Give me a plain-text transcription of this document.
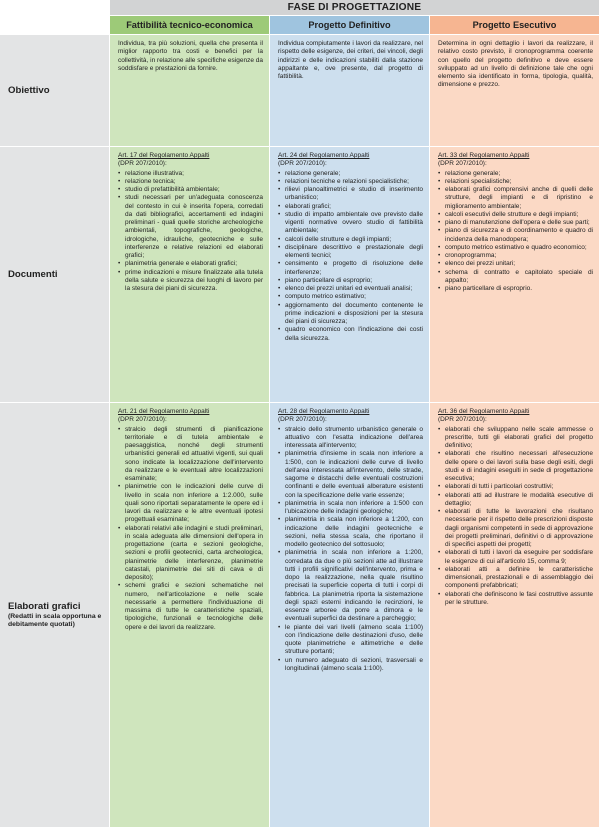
FASE DI PROGETTAZIONE
Fattibilità tecnico-economica	Progetto Definitivo	Progetto Esecutivo
Obiettivo

Individua, tra più soluzioni, quella che presenta il miglior rapporto tra costi e benefici per la collettività, in relazione alle specifiche esigenze da soddisfare e prestazioni da fornire.

Individua compiutamente i lavori da realizzare, nel rispetto delle esigenze, dei criteri, dei vincoli, degli indirizzi e delle indicazioni stabiliti dalla stazione appaltante e, ove presente, dal progetto di fattibilità.

Determina in ogni dettaglio i lavori da realizzare, il relativo costo previsto, il cronoprogramma coerente con quello del progetto definitivo e deve essere sviluppato ad un livello di definizione tale che ogni elemento sia identificato in forma, tipologia, qualità, dimensione e prezzo.

Documenti
Art. 17 del Regolamento Appalti
(DPR 207/2010):
• relazione illustrativa;
• relazione tecnica;
• studio di prefattibilità ambientale;
• studi necessari per un'adeguata conoscenza del contesto in cui è inserita l'opera, corredati da dati bibliografici, accertamenti ed indagini preliminari - quali quelle storiche archeologiche ambientali, topografiche, geologiche, idrologiche, idrauliche, geotecniche e sulle interferenze e relative relazioni ed elaborati grafici;
• planimetria generale e elaborati grafici;
• prime indicazioni e misure finalizzate alla tutela della salute e sicurezza dei luoghi di lavoro per la stesura dei piani di sicurezza.
Art. 24 del Regolamento Appalti
(DPR 207/2010):
• relazione generale;
• relazioni tecniche e relazioni specialistiche;
• rilievi planoaltimetrici e studio di inserimento urbanistico;
• elaborati grafici;
• studio di impatto ambientale ove previsto dalle vigenti normative ovvero studio di fattibilità ambientale;
• calcoli delle strutture e degli impianti;
• disciplinare descrittivo e prestazionale degli elementi tecnici;
• censimento e progetto di risoluzione delle interferenze;
• piano particellare di esproprio;
• elenco dei prezzi unitari ed eventuali analisi;
• computo metrico estimativo;
• aggiornamento del documento contenente le prime indicazioni e disposizioni per la stesura dei piani di sicurezza;
• quadro economico con l'indicazione dei costi della sicurezza.
Art. 33 del Regolamento Appalti
(DPR 207/2010):
• relazione generale;
• relazioni specialistiche;
• elaborati grafici comprensivi anche di quelli delle strutture, degli impianti e di ripristino e miglioramento ambientale;
• calcoli esecutivi delle strutture e degli impianti;
• piano di manutenzione dell'opera e delle sue parti;
• piano di sicurezza e di coordinamento e quadro di incidenza della manodopera;
• computo metrico estimativo e quadro economico;
• cronoprogramma;
• elenco dei prezzi unitari;
• schema di contratto e capitolato speciale di appalto;
• piano particellare di esproprio.
Elaborati grafici
(Redatti in scala opportuna e debitamente quotati)
Art. 21 del Regolamento Appalti
(DPR 207/2010):
• stralcio degli strumenti di pianificazione territoriale e di tutela ambientale e paesaggistica, nonché degli strumenti urbanistici generali ed attuativi vigenti, sui quali sono indicate la localizzazione dell'intervento da realizzare e le eventuali altre localizzazioni esaminate;
• planimetrie con le indicazioni delle curve di livello in scala non inferiore a 1:2.000, sulle quali sono riportati separatamente le opere ed i lavori da realizzare e le altre eventuali ipotesi progettuali esaminate;
• elaborati relativi alle indagini e studi preliminari, in scala adeguata alle dimensioni dell'opera in progettazione (carta e sezioni geologiche, sezioni e profili geotecnici, carta archeologica, planimetrie delle interferenze, planimetrie catastali, planimetrie dei siti di cava e di deposito);
• schemi grafici e sezioni schematiche nel numero, nell'articolazione e nelle scale necessarie a permettere l'individuazione di massima di tutte le caratteristiche spaziali, tipologiche, funzionali e tecnologiche delle opere e dei lavori da realizzare.
Art. 28 del Regolamento Appalti
(DPR 207/2010):
• stralcio dello strumento urbanistico generale o attuativo con l'esatta indicazione dell'area interessata all'intervento;
• planimetria d'insieme in scala non inferiore a 1:500, con le indicazioni delle curve di livello dell'area interessata all'intervento, delle strade, sagome e distacchi delle eventuali costruzioni confinanti e delle eventuali alberature esistenti con la specificazione delle varie essenze;
• planimetria in scala non inferiore a 1:500 con l'ubicazione delle indagini geologiche;
• planimetria in scala non inferiore a 1:200, con indicazione delle indagini geotecniche e sezioni, nella stessa scala, che riportano il modello geotecnico del sottosuolo;
• planimetria in scala non inferiore a 1:200, corredata da due o più sezioni atte ad illustrare tutti i profili significativi dell'intervento, prima e dopo la realizzazione, nella quale risultino precisati la superficie coperta di tutti i corpi di fabbrica. La planimetria riporta la sistemazione degli spazi esterni indicando le recinzioni, le essenze arboree da porre a dimora e le eventuali superfici da destinare a parcheggio;
• le piante dei vari livelli (almeno scala 1:100) con l'indicazione delle destinazioni d'uso, delle quote planimetriche e altimetriche e delle strutture portanti;
• un numero adeguato di sezioni, trasversali e longitudinali (almeno scala 1:100).
Art. 36 del Regolamento Appalti
(DPR 207/2010):
• elaborati che sviluppano nelle scale ammesse o prescritte, tutti gli elaborati grafici del progetto definitivo;
• elaborati che risultino necessari all'esecuzione delle opere o dei lavori sulla base degli esiti, degli studi e di indagini eseguiti in sede di progettazione esecutiva;
• elaborati di tutti i particolari costruttivi;
• elaborati atti ad illustrare le modalità esecutive di dettaglio;
• elaborati di tutte le lavorazioni che risultano necessarie per il rispetto delle prescrizioni disposte dagli organismi competenti in sede di approvazione dei progetti preliminari, definitivi o di approvazione di specifici aspetti dei progetti;
• elaborati di tutti i lavori da eseguire per soddisfare le esigenze di cui all'articolo 15, comma 9;
• elaborati atti a definire le caratteristiche dimensionali, prestazionali e di assemblaggio dei componenti prefabbricati;
• elaborati che definiscono le fasi costruttive assunte per le strutture.
